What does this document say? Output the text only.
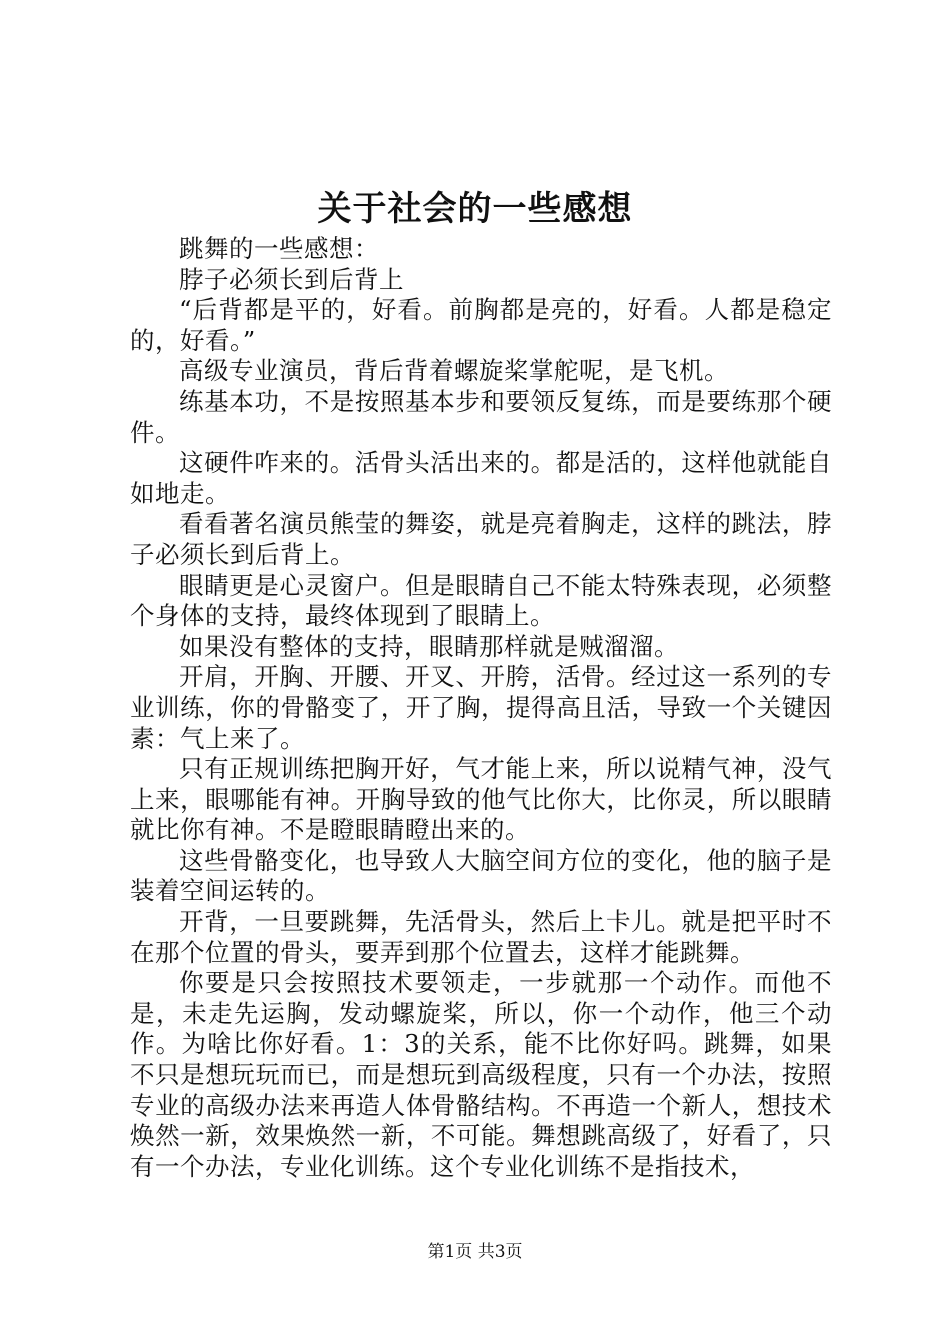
关于社会的一些感想

跳舞的一些感想：

脖子必须长到后背上

“后背都是平的，好看。前胸都是亮的，好看。人都是稳定的，好看。”

高级专业演员，背后背着螺旋桨掌舵呢，是飞机。

练基本功，不是按照基本步和要领反复练，而是要练那个硬件。

这硬件咋来的。活骨头活出来的。都是活的，这样他就能自如地走。

看看著名演员熊莹的舞姿，就是亮着胸走，这样的跳法，脖子必须长到后背上。

眼睛更是心灵窗户。但是眼睛自己不能太特殊表现，必须整个身体的支持，最终体现到了眼睛上。

如果没有整体的支持，眼睛那样就是贼溜溜。

开肩，开胸、开腰、开叉、开胯，活骨。经过这一系列的专业训练，你的骨骼变了，开了胸，提得高且活，导致一个关键因素：气上来了。

只有正规训练把胸开好，气才能上来，所以说精气神，没气上来，眼哪能有神。开胸导致的他气比你大，比你灵，所以眼睛就比你有神。不是瞪眼睛瞪出来的。

这些骨骼变化，也导致人大脑空间方位的变化，他的脑子是装着空间运转的。

开背，一旦要跳舞，先活骨头，然后上卡儿。就是把平时不在那个位置的骨头，要弄到那个位置去，这样才能跳舞。

你要是只会按照技术要领走，一步就那一个动作。而他不是，未走先运胸，发动螺旋桨，所以，你一个动作，他三个动作。为啥比你好看。1：3的关系，能不比你好吗。跳舞，如果不只是想玩玩而已，而是想玩到高级程度，只有一个办法，按照专业的高级办法来再造人体骨骼结构。不再造一个新人，想技术焕然一新，效果焕然一新，不可能。舞想跳高级了，好看了，只有一个办法，专业化训练。这个专业化训练不是指技术，

第1页 共3页
